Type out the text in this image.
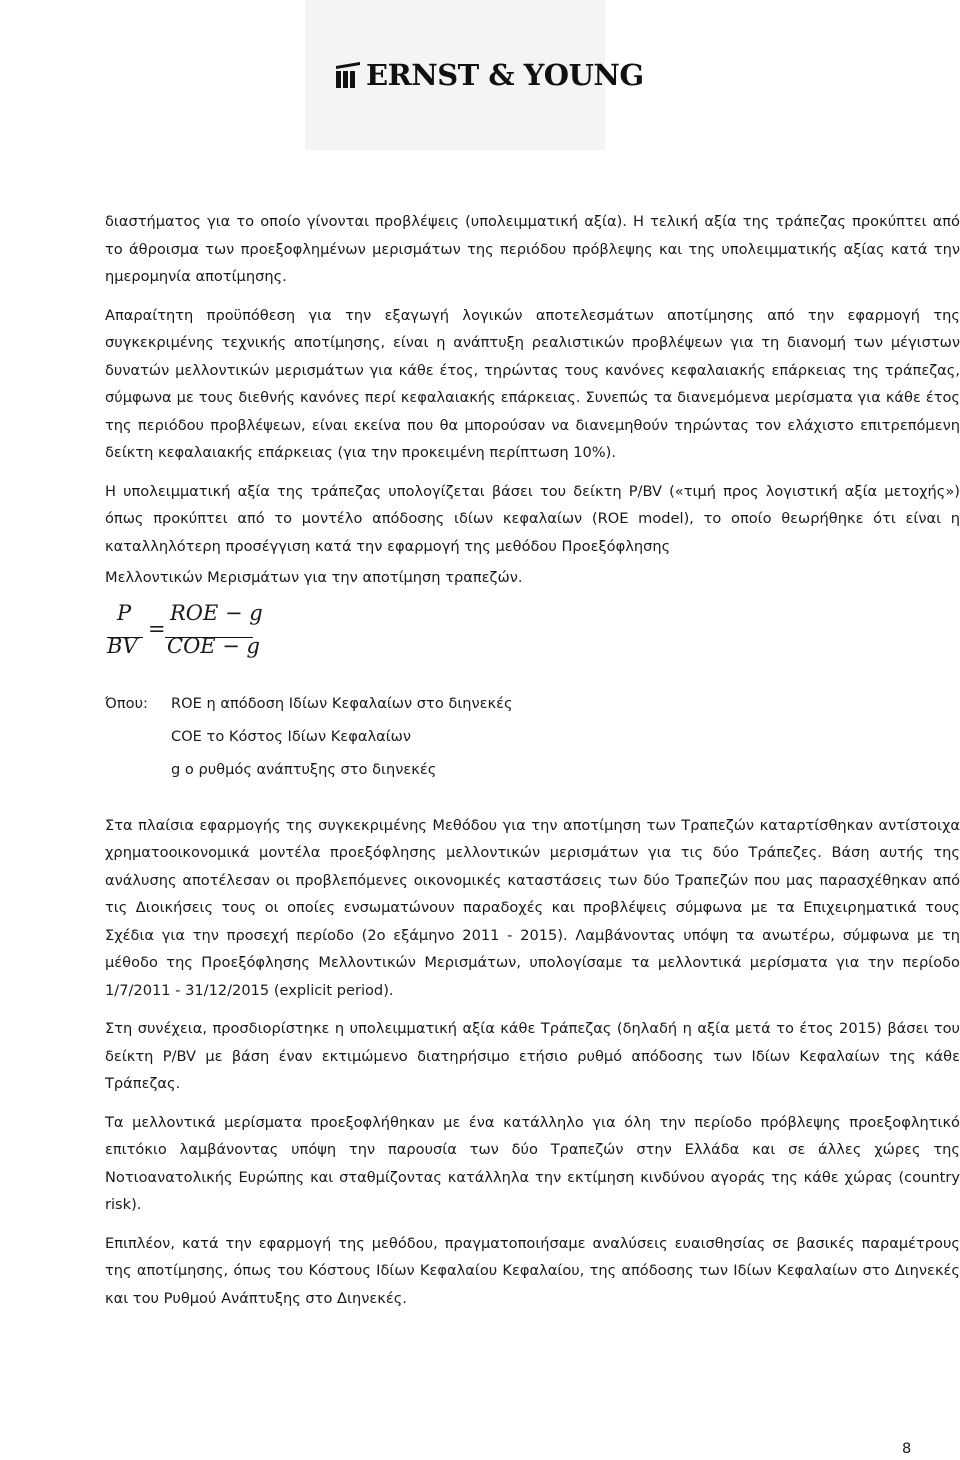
ERNST & YOUNG

διαστήματος για το οποίο γίνονται προβλέψεις (υπολειμματική αξία). Η τελική αξία της τράπεζας προκύπτει από το άθροισμα των προεξοφλημένων μερισμάτων της περιόδου πρόβλεψης και της υπολειμματικής αξίας κατά την ημερομηνία αποτίμησης.

Απαραίτητη προϋπόθεση για την εξαγωγή λογικών αποτελεσμάτων αποτίμησης από την εφαρμογή της συγκεκριμένης τεχνικής αποτίμησης, είναι η ανάπτυξη ρεαλιστικών προβλέψεων για τη διανομή των μέγιστων δυνατών μελλοντικών μερισμάτων για κάθε έτος, τηρώντας τους κανόνες κεφαλαιακής επάρκειας της τράπεζας, σύμφωνα με τους διεθνής κανόνες περί κεφαλαιακής επάρκειας. Συνεπώς τα διανεμόμενα μερίσματα για κάθε έτος της περιόδου προβλέψεων, είναι εκείνα που θα μπορούσαν να διανεμηθούν τηρώντας τον ελάχιστο επιτρεπόμενη δείκτη κεφαλαιακής επάρκειας (για την προκειμένη περίπτωση 10%).

Η υπολειμματική αξία της τράπεζας υπολογίζεται βάσει του δείκτη P/BV («τιμή προς λογιστική αξία μετοχής») όπως προκύπτει από το μοντέλο απόδοσης ιδίων κεφαλαίων (ROE model), το οποίο θεωρήθηκε ότι είναι η καταλληλότερη προσέγγιση κατά την εφαρμογή της μεθόδου Προεξόφλησης

Μελλοντικών Μερισμάτων για την αποτίμηση τραπεζών.

P
BV
=
ROE − g
COE − g
Όπου: ROE η απόδοση Ιδίων Κεφαλαίων στο διηνεκές
COE το Κόστος Ιδίων Κεφαλαίων
g ο ρυθμός ανάπτυξης στο διηνεκές

Στα πλαίσια εφαρμογής της συγκεκριμένης Μεθόδου για την αποτίμηση των Τραπεζών καταρτίσθηκαν αντίστοιχα χρηματοοικονομικά μοντέλα προεξόφλησης μελλοντικών μερισμάτων για τις δύο Τράπεζες. Βάση αυτής της ανάλυσης αποτέλεσαν οι προβλεπόμενες οικονομικές καταστάσεις των δύο Τραπεζών που μας παρασχέθηκαν από τις Διοικήσεις τους οι οποίες ενσωματώνουν παραδοχές και προβλέψεις σύμφωνα με τα Επιχειρηματικά τους Σχέδια για την προσεχή περίοδο (2ο εξάμηνο 2011 - 2015). Λαμβάνοντας υπόψη τα ανωτέρω, σύμφωνα με τη μέθοδο της Προεξόφλησης Μελλοντικών Μερισμάτων, υπολογίσαμε τα μελλοντικά μερίσματα για την περίοδο 1/7/2011 - 31/12/2015 (explicit period).

Στη συνέχεια, προσδιορίστηκε η υπολειμματική αξία κάθε Τράπεζας (δηλαδή η αξία μετά το έτος 2015) βάσει του δείκτη P/BV με βάση έναν εκτιμώμενο διατηρήσιμο ετήσιο ρυθμό απόδοσης των Ιδίων Κεφαλαίων της κάθε Τράπεζας.

Τα μελλοντικά μερίσματα προεξοφλήθηκαν με ένα κατάλληλο για όλη την περίοδο πρόβλεψης προεξοφλητικό επιτόκιο λαμβάνοντας υπόψη την παρουσία των δύο Τραπεζών στην Ελλάδα και σε άλλες χώρες της Νοτιοανατολικής Ευρώπης και σταθμίζοντας κατάλληλα την εκτίμηση κινδύνου αγοράς της κάθε χώρας (country risk).

Επιπλέον, κατά την εφαρμογή της μεθόδου, πραγματοποιήσαμε αναλύσεις ευαισθησίας σε βασικές παραμέτρους της αποτίμησης, όπως του Κόστους Ιδίων Κεφαλαίου Κεφαλαίου, της απόδοσης των Ιδίων Κεφαλαίων στο Διηνεκές και του Ρυθμού Ανάπτυξης στο Διηνεκές.

8
